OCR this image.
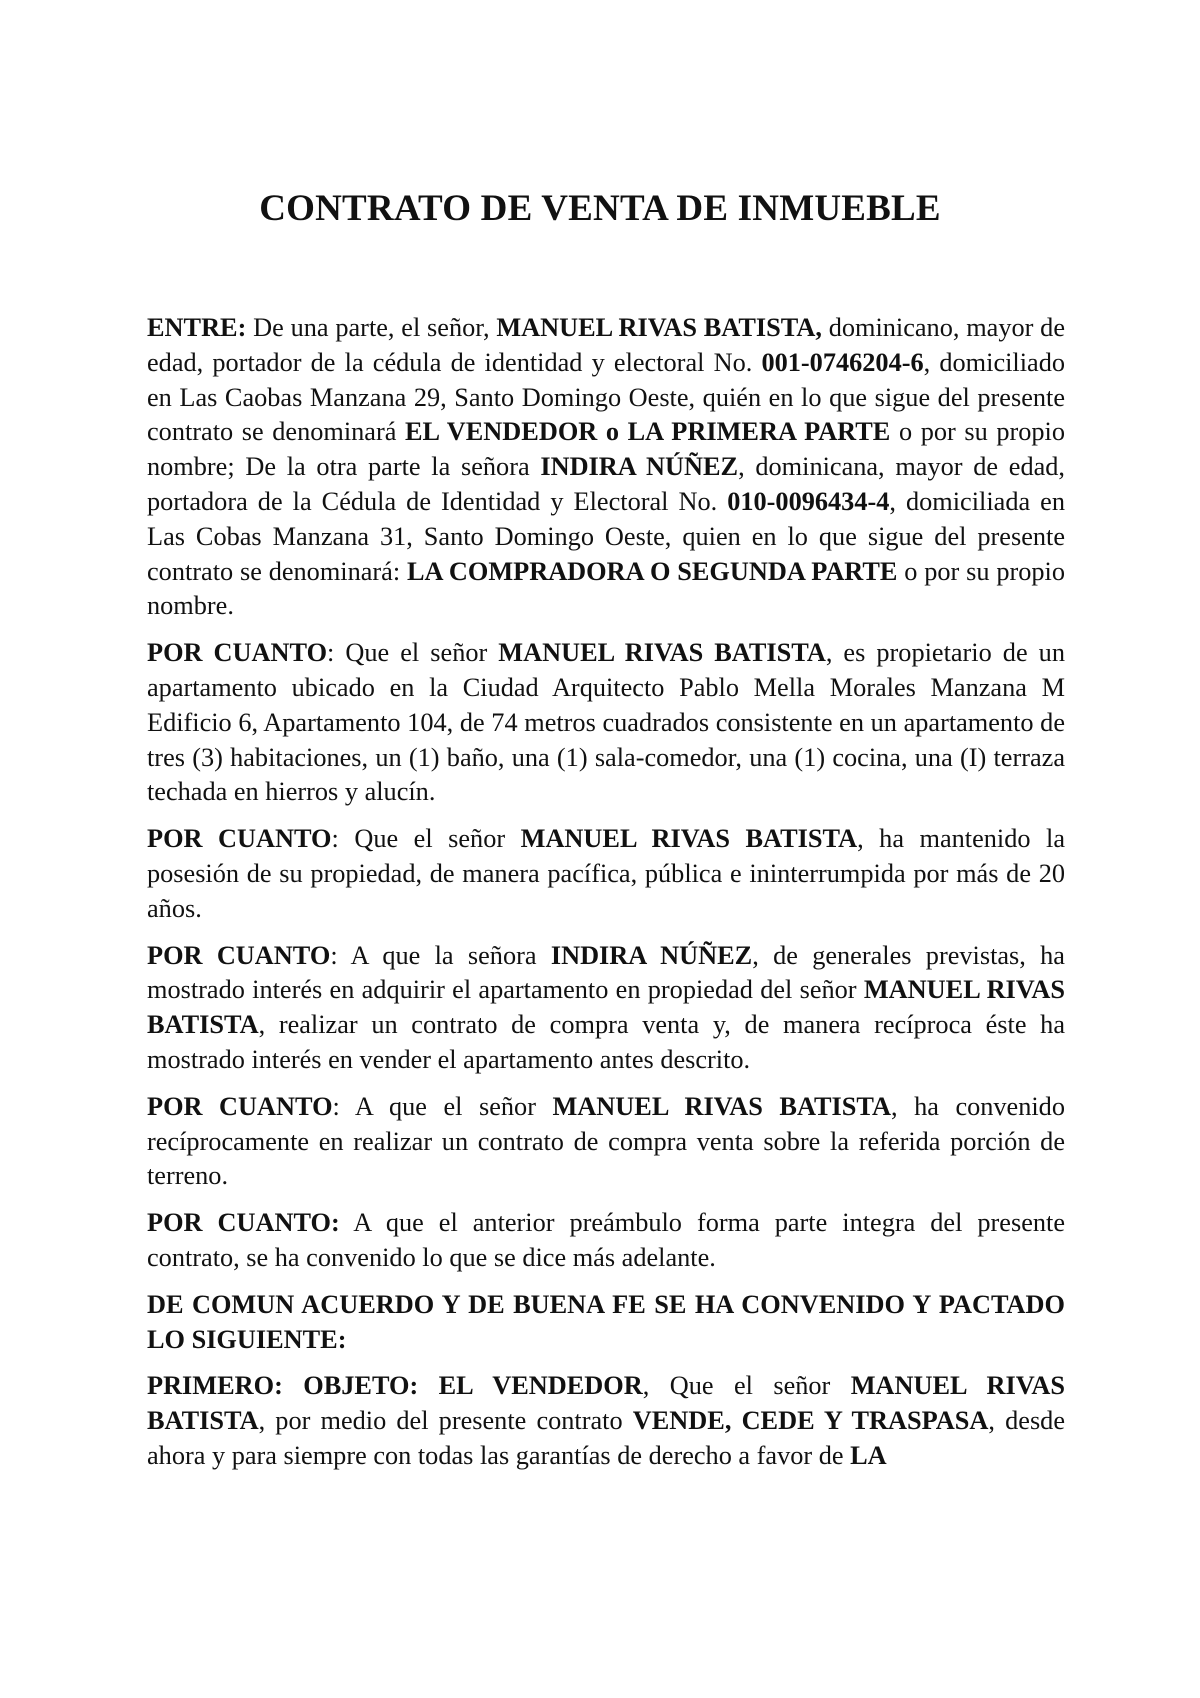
CONTRATO DE VENTA DE INMUEBLE

ENTRE: De una parte, el señor, MANUEL RIVAS BATISTA, dominicano, mayor de edad, portador de la cédula de identidad y electoral No. 001-0746204-6, domiciliado en Las Caobas Manzana 29, Santo Domingo Oeste, quién en lo que sigue del presente contrato se denominará EL VENDEDOR o LA PRIMERA PARTE o por su propio nombre; De la otra parte la señora INDIRA NÚÑEZ, dominicana, mayor de edad, portadora de la Cédula de Identidad y Electoral No. 010-0096434-4, domiciliada en Las Cobas Manzana 31, Santo Domingo Oeste, quien en lo que sigue del presente contrato se denominará: LA COMPRADORA O SEGUNDA PARTE o por su propio nombre.

POR CUANTO: Que el señor MANUEL RIVAS BATISTA, es propietario de un apartamento ubicado en la Ciudad Arquitecto Pablo Mella Morales Manzana M Edificio 6, Apartamento 104, de 74 metros cuadrados consistente en un apartamento de tres (3) habitaciones, un (1) baño, una (1) sala-comedor, una (1) cocina, una (I) terraza techada en hierros y alucín.

POR CUANTO: Que el señor MANUEL RIVAS BATISTA, ha mantenido la posesión de su propiedad, de manera pacífica, pública e ininterrumpida por más de 20 años.

POR CUANTO: A que la señora INDIRA NÚÑEZ, de generales previstas, ha mostrado interés en adquirir el apartamento en propiedad del señor MANUEL RIVAS BATISTA, realizar un contrato de compra venta y, de manera recíproca éste ha mostrado interés en vender el apartamento antes descrito.

POR CUANTO: A que el señor MANUEL RIVAS BATISTA, ha convenido recíprocamente en realizar un contrato de compra venta sobre la referida porción de terreno.

POR CUANTO: A que el anterior preámbulo forma parte integra del presente contrato, se ha convenido lo que se dice más adelante.

DE COMUN ACUERDO Y DE BUENA FE SE HA CONVENIDO Y PACTADO LO SIGUIENTE:

PRIMERO: OBJETO: EL VENDEDOR, Que el señor MANUEL RIVAS BATISTA, por medio del presente contrato VENDE, CEDE Y TRASPASA, desde ahora y para siempre con todas las garantías de derecho a favor de LA
